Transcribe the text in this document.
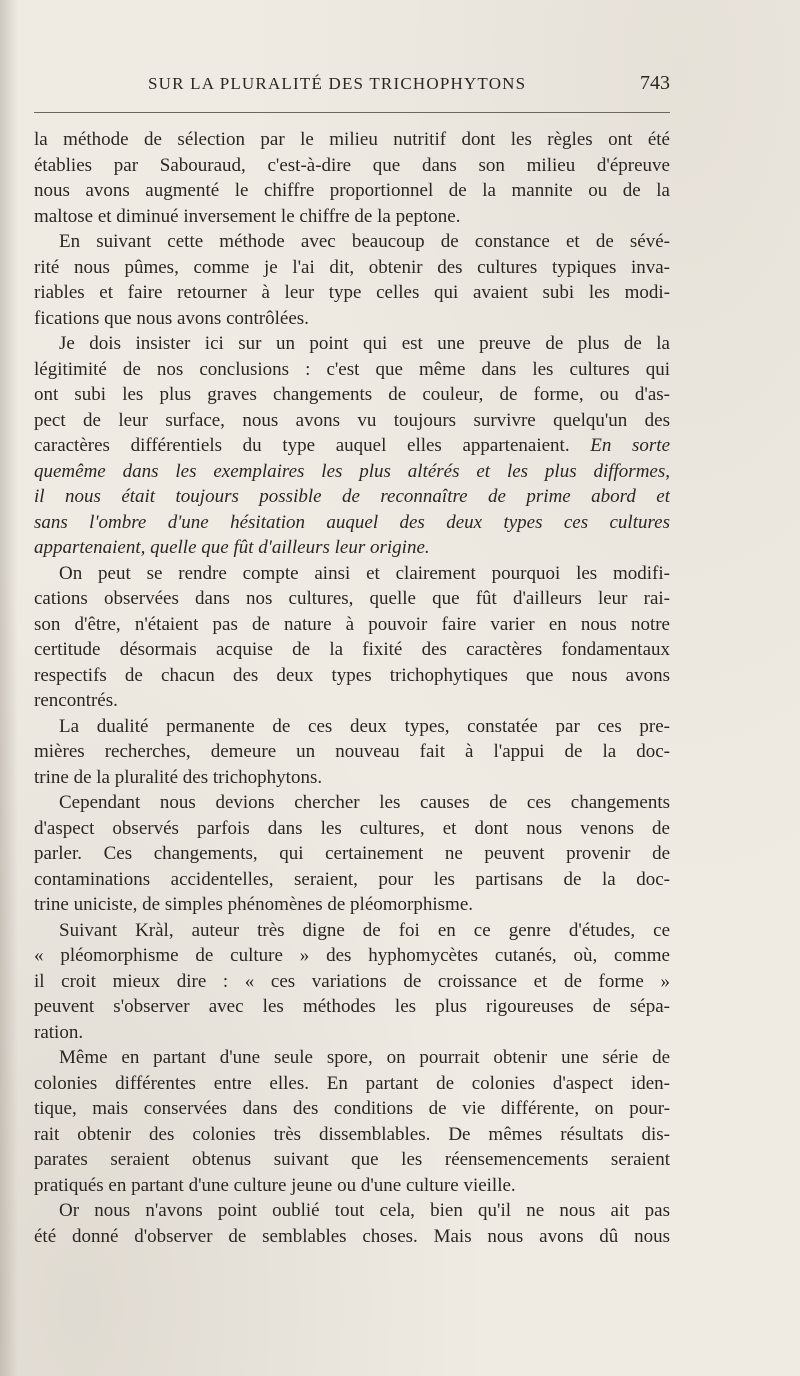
SUR LA PLURALITÉ DES TRICHOPHYTONS	743
la méthode de sélection par le milieu nutritif dont les règles ont été
établies par Sabouraud, c'est-à-dire que dans son milieu d'épreuve
nous avons augmenté le chiffre proportionnel de la mannite ou de la
maltose et diminué inversement le chiffre de la peptone.
En suivant cette méthode avec beaucoup de constance et de sévé-
rité nous pûmes, comme je l'ai dit, obtenir des cultures typiques inva-
riables et faire retourner à leur type celles qui avaient subi les modi-
fications que nous avons contrôlées.
Je dois insister ici sur un point qui est une preuve de plus de la
légitimité de nos conclusions : c'est que même dans les cultures qui
ont subi les plus graves changements de couleur, de forme, ou d'as-
pect de leur surface, nous avons vu toujours survivre quelqu'un des
caractères différentiels du type auquel elles appartenaient. En sorte
quemême dans les exemplaires les plus altérés et les plus difformes,
il nous était toujours possible de reconnaître de prime abord et
sans l'ombre d'une hésitation auquel des deux types ces cultures
appartenaient, quelle que fût d'ailleurs leur origine.
On peut se rendre compte ainsi et clairement pourquoi les modifi-
cations observées dans nos cultures, quelle que fût d'ailleurs leur rai-
son d'être, n'étaient pas de nature à pouvoir faire varier en nous notre
certitude désormais acquise de la fixité des caractères fondamentaux
respectifs de chacun des deux types trichophytiques que nous avons
rencontrés.
La dualité permanente de ces deux types, constatée par ces pre-
mières recherches, demeure un nouveau fait à l'appui de la doc-
trine de la pluralité des trichophytons.
Cependant nous devions chercher les causes de ces changements
d'aspect observés parfois dans les cultures, et dont nous venons de
parler. Ces changements, qui certainement ne peuvent provenir de
contaminations accidentelles, seraient, pour les partisans de la doc-
trine uniciste, de simples phénomènes de pléomorphisme.
Suivant Kràl, auteur très digne de foi en ce genre d'études, ce
« pléomorphisme de culture » des hyphomycètes cutanés, où, comme
il croit mieux dire : « ces variations de croissance et de forme »
peuvent s'observer avec les méthodes les plus rigoureuses de sépa-
ration.
Même en partant d'une seule spore, on pourrait obtenir une série de
colonies différentes entre elles. En partant de colonies d'aspect iden-
tique, mais conservées dans des conditions de vie différente, on pour-
rait obtenir des colonies très dissemblables. De mêmes résultats dis-
parates seraient obtenus suivant que les réensemencements seraient
pratiqués en partant d'une culture jeune ou d'une culture vieille.
Or nous n'avons point oublié tout cela, bien qu'il ne nous ait pas
été donné d'observer de semblables choses. Mais nous avons dû nous
